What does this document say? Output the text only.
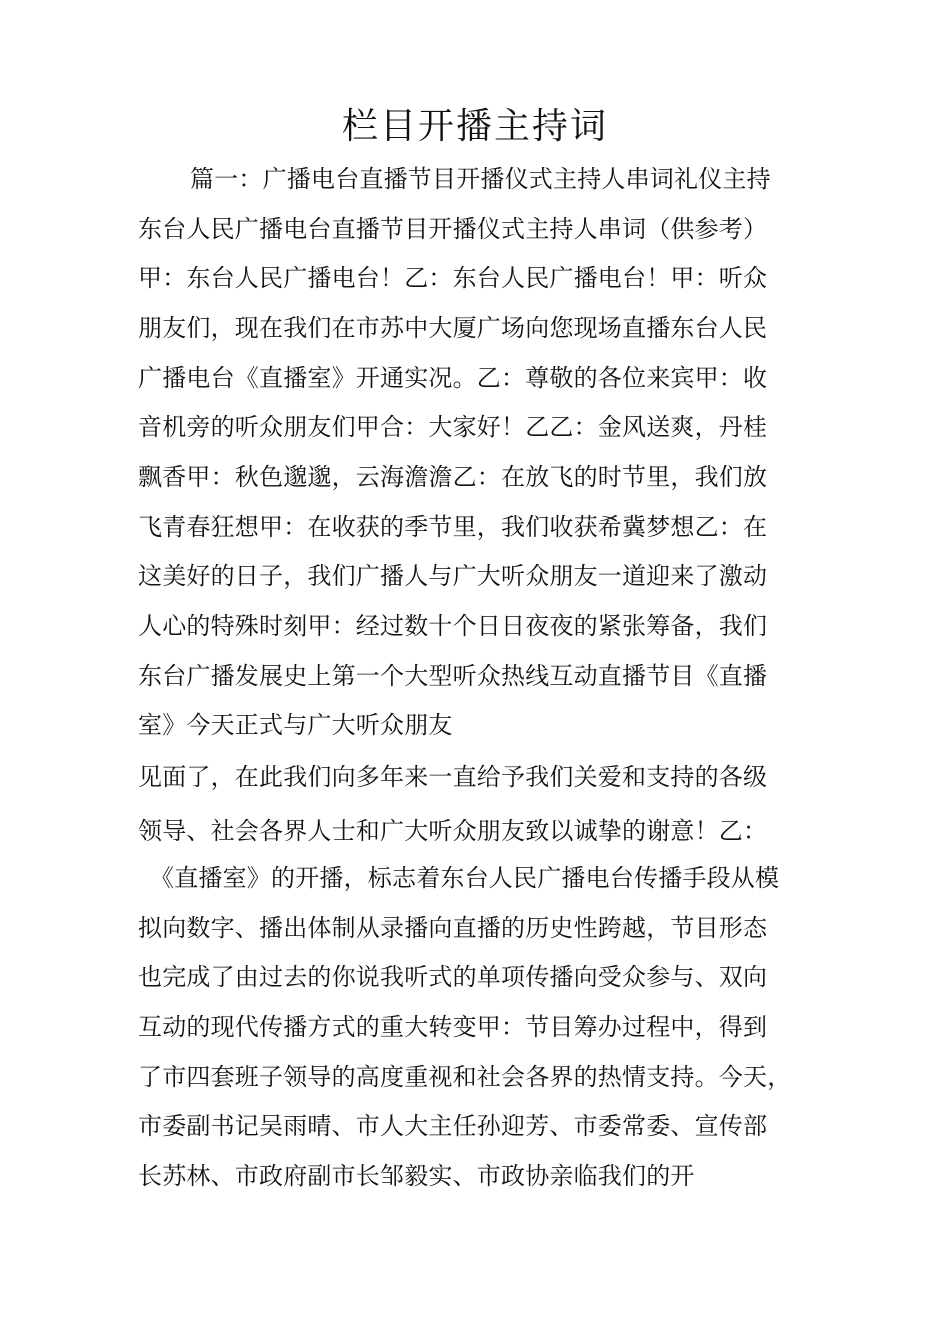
栏目开播主持词
篇一：广播电台直播节目开播仪式主持人串词礼仪主持
东台人民广播电台直播节目开播仪式主持人串词（供参考）
甲：东台人民广播电台！乙：东台人民广播电台！甲：听众
朋友们，现在我们在市苏中大厦广场向您现场直播东台人民
广播电台《直播室》开通实况。乙：尊敬的各位来宾甲：收
音机旁的听众朋友们甲合：大家好！乙乙：金风送爽，丹桂
飘香甲：秋色邈邈，云海澹澹乙：在放飞的时节里，我们放
飞青春狂想甲：在收获的季节里，我们收获希冀梦想乙：在
这美好的日子，我们广播人与广大听众朋友一道迎来了激动
人心的特殊时刻甲：经过数十个日日夜夜的紧张筹备，我们
东台广播发展史上第一个大型听众热线互动直播节目《直播
室》今天正式与广大听众朋友
见面了，在此我们向多年来一直给予我们关爱和支持的各级
领导、社会各界人士和广大听众朋友致以诚挚的谢意！乙：
《直播室》的开播，标志着东台人民广播电台传播手段从模
拟向数字、播出体制从录播向直播的历史性跨越，节目形态
也完成了由过去的你说我听式的单项传播向受众参与、双向
互动的现代传播方式的重大转变甲：节目筹办过程中，得到
了市四套班子领导的高度重视和社会各界的热情支持。今天，
市委副书记吴雨晴、市人大主任孙迎芳、市委常委、宣传部
长苏林、市政府副市长邹毅实、市政协亲临我们的开
